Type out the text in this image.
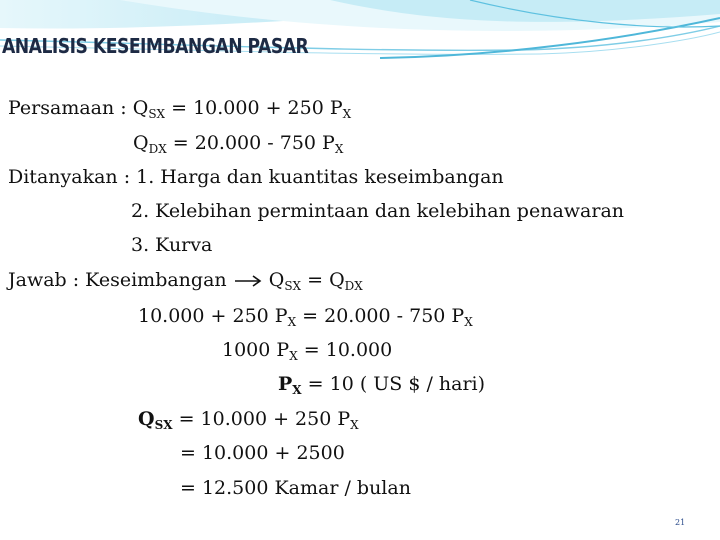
ANALISIS KESEIMBANGAN PASAR
Persamaan : $Q_{SX} = 10.000 + 250$ $P_X$
$Q_{DX} = 20.000 - 750$ $P_X$
Ditanyakan : 1. Harga dan kuantitas keseimbangan
2. Kelebihan permintaan dan kelebihan penawaran
3. Kurva
Jawab : Keseimbangan
$Q_{SX} = Q_{DX}$
10.000 + 250 $P_X = 20.000 - 750$ $P_X$
1000 $P_X = 10.000$
$P_X = 10$ ( US $ / hari)
$Q_{SX} = 10.000 + 250$ $P_X$
= 10.000 + 2500
= 12.500 Kamar / bulan
21
